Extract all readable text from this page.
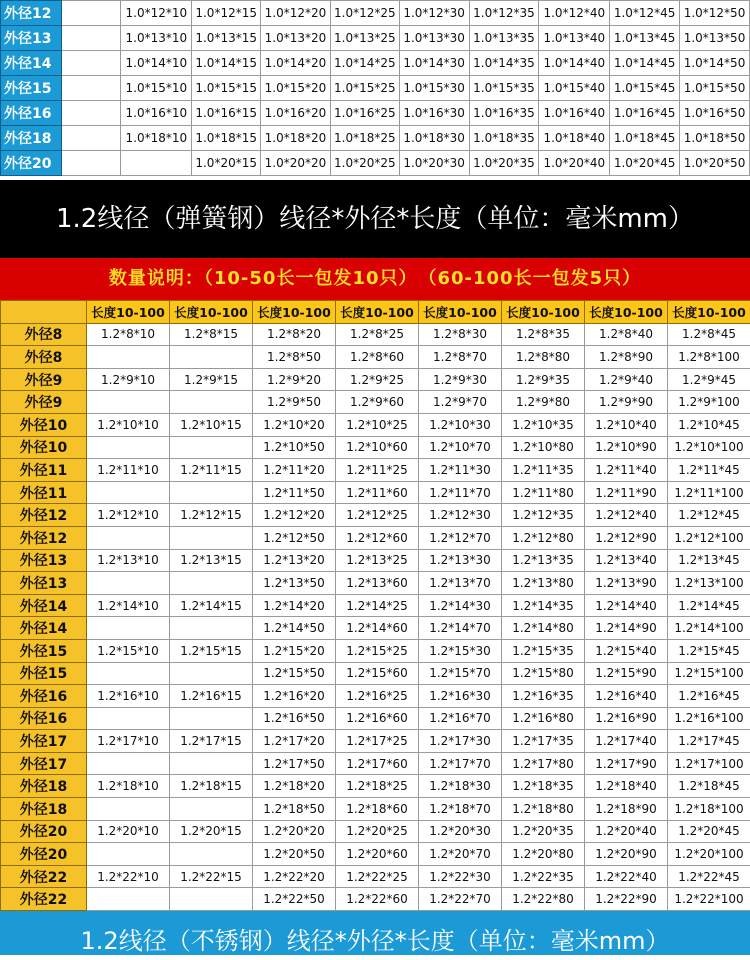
外径12		1.0*12*10	1.0*12*15	1.0*12*20	1.0*12*25	1.0*12*30	1.0*12*35	1.0*12*40	1.0*12*45	1.0*12*50
外径13		1.0*13*10	1.0*13*15	1.0*13*20	1.0*13*25	1.0*13*30	1.0*13*35	1.0*13*40	1.0*13*45	1.0*13*50
外径14		1.0*14*10	1.0*14*15	1.0*14*20	1.0*14*25	1.0*14*30	1.0*14*35	1.0*14*40	1.0*14*45	1.0*14*50
外径15		1.0*15*10	1.0*15*15	1.0*15*20	1.0*15*25	1.0*15*30	1.0*15*35	1.0*15*40	1.0*15*45	1.0*15*50
外径16		1.0*16*10	1.0*16*15	1.0*16*20	1.0*16*25	1.0*16*30	1.0*16*35	1.0*16*40	1.0*16*45	1.0*16*50
外径18		1.0*18*10	1.0*18*15	1.0*18*20	1.0*18*25	1.0*18*30	1.0*18*35	1.0*18*40	1.0*18*45	1.0*18*50
外径20			1.0*20*15	1.0*20*20	1.0*20*25	1.0*20*30	1.0*20*35	1.0*20*40	1.0*20*45	1.0*20*50
1.2线径（弹簧钢）线径*外径*长度（单位：毫米mm）
数量说明：（10-50长一包发10只）　（60-100长一包发5只）
	长度10-100	长度10-100	长度10-100	长度10-100	长度10-100	长度10-100	长度10-100	长度10-100
外径8	1.2*8*10	1.2*8*15	1.2*8*20	1.2*8*25	1.2*8*30	1.2*8*35	1.2*8*40	1.2*8*45
外径8			1.2*8*50	1.2*8*60	1.2*8*70	1.2*8*80	1.2*8*90	1.2*8*100
外径9	1.2*9*10	1.2*9*15	1.2*9*20	1.2*9*25	1.2*9*30	1.2*9*35	1.2*9*40	1.2*9*45
外径9			1.2*9*50	1.2*9*60	1.2*9*70	1.2*9*80	1.2*9*90	1.2*9*100
外径10	1.2*10*10	1.2*10*15	1.2*10*20	1.2*10*25	1.2*10*30	1.2*10*35	1.2*10*40	1.2*10*45
外径10			1.2*10*50	1.2*10*60	1.2*10*70	1.2*10*80	1.2*10*90	1.2*10*100
外径11	1.2*11*10	1.2*11*15	1.2*11*20	1.2*11*25	1.2*11*30	1.2*11*35	1.2*11*40	1.2*11*45
外径11			1.2*11*50	1.2*11*60	1.2*11*70	1.2*11*80	1.2*11*90	1.2*11*100
外径12	1.2*12*10	1.2*12*15	1.2*12*20	1.2*12*25	1.2*12*30	1.2*12*35	1.2*12*40	1.2*12*45
外径12			1.2*12*50	1.2*12*60	1.2*12*70	1.2*12*80	1.2*12*90	1.2*12*100
外径13	1.2*13*10	1.2*13*15	1.2*13*20	1.2*13*25	1.2*13*30	1.2*13*35	1.2*13*40	1.2*13*45
外径13			1.2*13*50	1.2*13*60	1.2*13*70	1.2*13*80	1.2*13*90	1.2*13*100
外径14	1.2*14*10	1.2*14*15	1.2*14*20	1.2*14*25	1.2*14*30	1.2*14*35	1.2*14*40	1.2*14*45
外径14			1.2*14*50	1.2*14*60	1.2*14*70	1.2*14*80	1.2*14*90	1.2*14*100
外径15	1.2*15*10	1.2*15*15	1.2*15*20	1.2*15*25	1.2*15*30	1.2*15*35	1.2*15*40	1.2*15*45
外径15			1.2*15*50	1.2*15*60	1.2*15*70	1.2*15*80	1.2*15*90	1.2*15*100
外径16	1.2*16*10	1.2*16*15	1.2*16*20	1.2*16*25	1.2*16*30	1.2*16*35	1.2*16*40	1.2*16*45
外径16			1.2*16*50	1.2*16*60	1.2*16*70	1.2*16*80	1.2*16*90	1.2*16*100
外径17	1.2*17*10	1.2*17*15	1.2*17*20	1.2*17*25	1.2*17*30	1.2*17*35	1.2*17*40	1.2*17*45
外径17			1.2*17*50	1.2*17*60	1.2*17*70	1.2*17*80	1.2*17*90	1.2*17*100
外径18	1.2*18*10	1.2*18*15	1.2*18*20	1.2*18*25	1.2*18*30	1.2*18*35	1.2*18*40	1.2*18*45
外径18			1.2*18*50	1.2*18*60	1.2*18*70	1.2*18*80	1.2*18*90	1.2*18*100
外径20	1.2*20*10	1.2*20*15	1.2*20*20	1.2*20*25	1.2*20*30	1.2*20*35	1.2*20*40	1.2*20*45
外径20			1.2*20*50	1.2*20*60	1.2*20*70	1.2*20*80	1.2*20*90	1.2*20*100
外径22	1.2*22*10	1.2*22*15	1.2*22*20	1.2*22*25	1.2*22*30	1.2*22*35	1.2*22*40	1.2*22*45
外径22			1.2*22*50	1.2*22*60	1.2*22*70	1.2*22*80	1.2*22*90	1.2*22*100
1.2线径（不锈钢）线径*外径*长度（单位：毫米mm）
